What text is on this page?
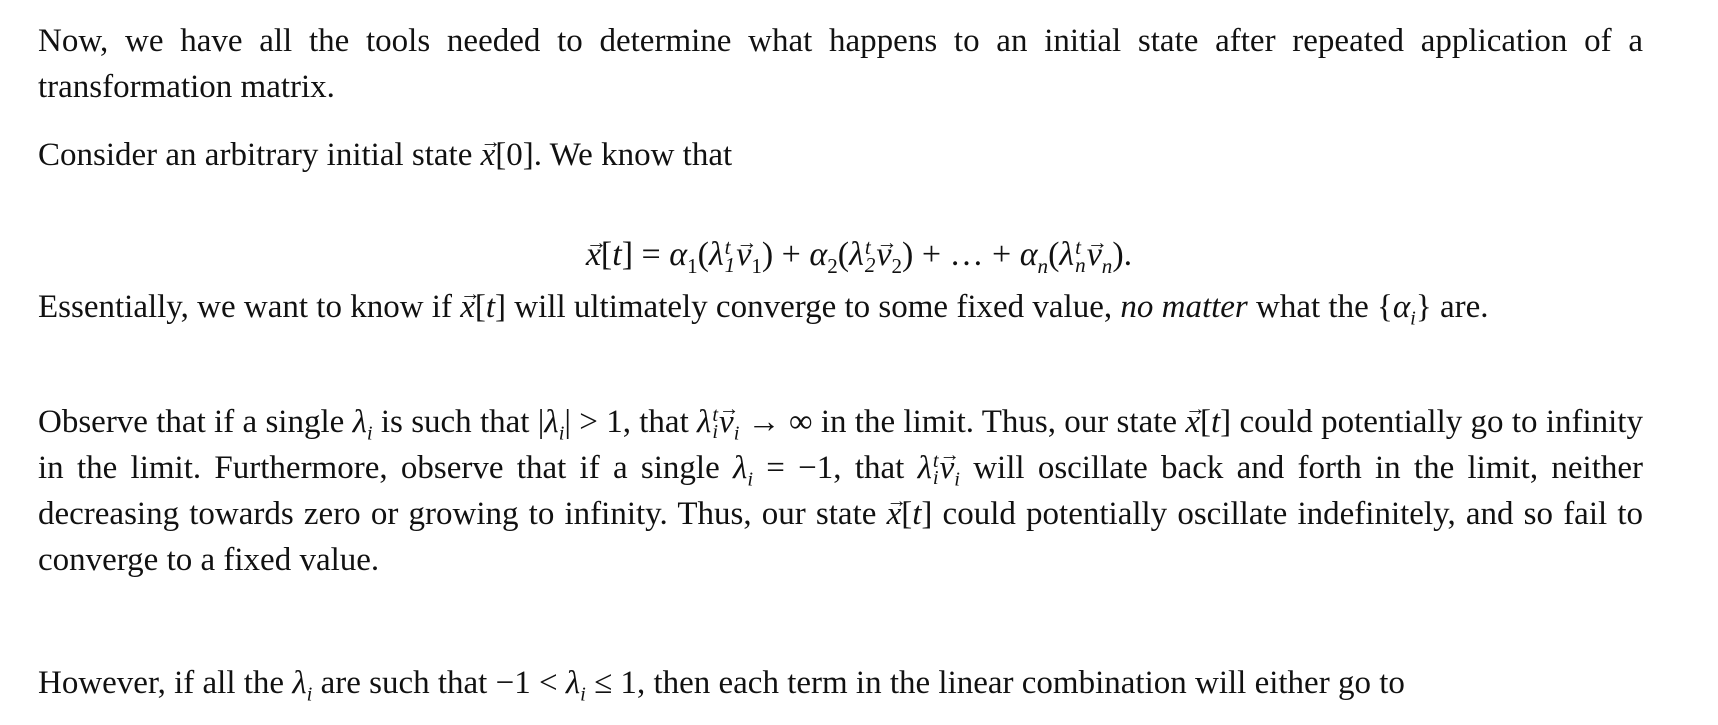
Now, we have all the tools needed to determine what happens to an initial state after repeated application of a transformation matrix.

Consider an arbitrary initial state x →[0]. We know that

$x \to[t] = \alpha_1(\lambda$ t
1 $v \to_1) + \alpha_2(\lambda$ t
2 $v \to_2$) + … + $\alpha_n(\lambda$ t
n $v \to_n$).

Essentially, we want to know if x →[t] will ultimately converge to some fixed value, no matter what the $\{\alpha_i\}$ are.

Observe that if a single $\lambda_i$ is such that $|\lambda_i| > 1$, that λ t
i $v \to_i$ → ∞ in the limit. Thus, our state x →[t] could potentially go to infinity in the limit. Furthermore, observe that if a single $\lambda_i = -1$, that λ t
i $v \to_i$ will oscillate back and forth in the limit, neither decreasing towards zero or growing to infinity. Thus, our state x →[t] could potentially oscillate indefinitely, and so fail to converge to a fixed value.

However, if all the $\lambda_i$ are such that $-1 < \lambda_i \le 1$, then each term in the linear combination will either go to
